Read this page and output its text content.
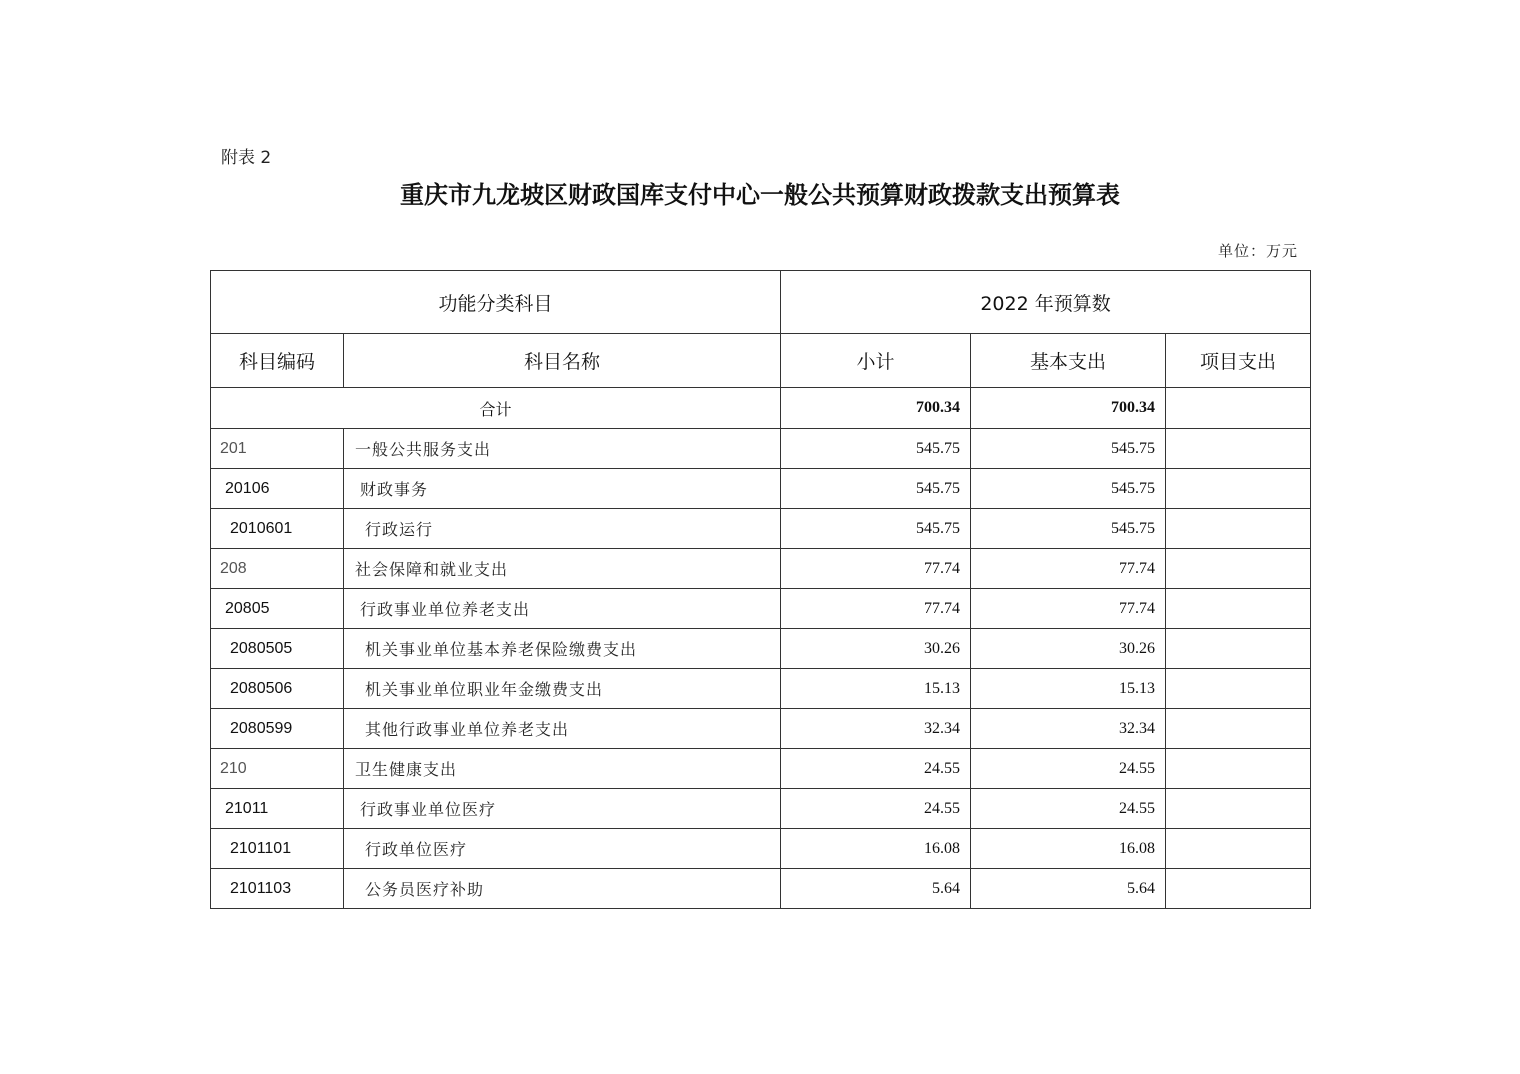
附表 2
重庆市九龙坡区财政国库支付中心一般公共预算财政拨款支出预算表
单位：万元
功能分类科目		2022 年预算数		
科目编码	科目名称	小计	基本支出	项目支出
合计		700.34	700.34	
201	一般公共服务支出	545.75	545.75	
20106	财政事务	545.75	545.75	
2010601	行政运行	545.75	545.75	
208	社会保障和就业支出	77.74	77.74	
20805	行政事业单位养老支出	77.74	77.74	
2080505	机关事业单位基本养老保险缴费支出	30.26	30.26	
2080506	机关事业单位职业年金缴费支出	15.13	15.13	
2080599	其他行政事业单位养老支出	32.34	32.34	
210	卫生健康支出	24.55	24.55	
21011	行政事业单位医疗	24.55	24.55	
2101101	行政单位医疗	16.08	16.08	
2101103	公务员医疗补助	5.64	5.64	
